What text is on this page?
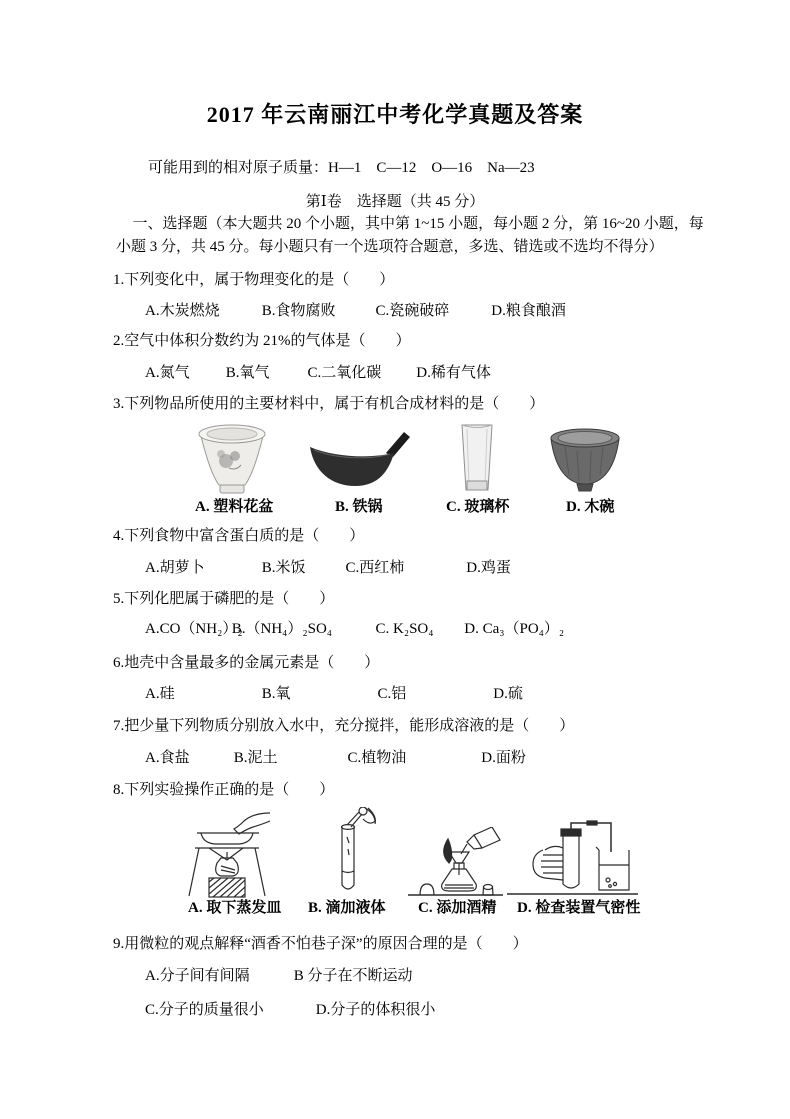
2017 年云南丽江中考化学真题及答案
可能用到的相对原子质量：H—1　C—12　O—16　Na—23
第Ⅰ卷　选择题（共 45 分）
一、选择题（本大题共 20 个小题，其中第 1~15 小题，每小题 2 分，第 16~20 小题，每小题 3 分，共 45 分。每小题只有一个选项符合题意，多选、错选或不选均不得分）
1.下列变化中，属于物理变化的是（　　）
A.木炭燃烧	B.食物腐败	C.瓷碗破碎	D.粮食酿酒
2.空气中体积分数约为 21%的气体是（　　）
A.氮气 B.氧气	C.二氧化碳 D.稀有气体
3.下列物品所使用的主要材料中，属于有机合成材料的是（　　）
A. 塑料花盆	B. 铁锅	C. 玻璃杯	D. 木碗
4.下列食物中富含蛋白质的是（　　）
A.胡萝卜	B.米饭	C.西红柿	D.鸡蛋
5.下列化肥属于磷肥的是（　　）
A.CO（NH₂）₂ B.（NH₄）₂SO₄	C. K₂SO₄ D. Ca₃（PO₄）₂
6.地壳中含量最多的金属元素是（　　）
A.硅	B.氧	C.铝	D.硫
7.把少量下列物质分别放入水中，充分搅拌，能形成溶液的是（　　）
A.食盐	B.泥土	C.植物油	D.面粉
8.下列实验操作正确的是（　　）
A. 取下蒸发皿 B. 滴加液体 C. 添加酒精 D. 检查装置气密性
9.用微粒的观点解释“酒香不怕巷子深”的原因合理的是（　　）
A.分子间有间隔	B 分子在不断运动
C.分子的质量很小	D.分子的体积很小
